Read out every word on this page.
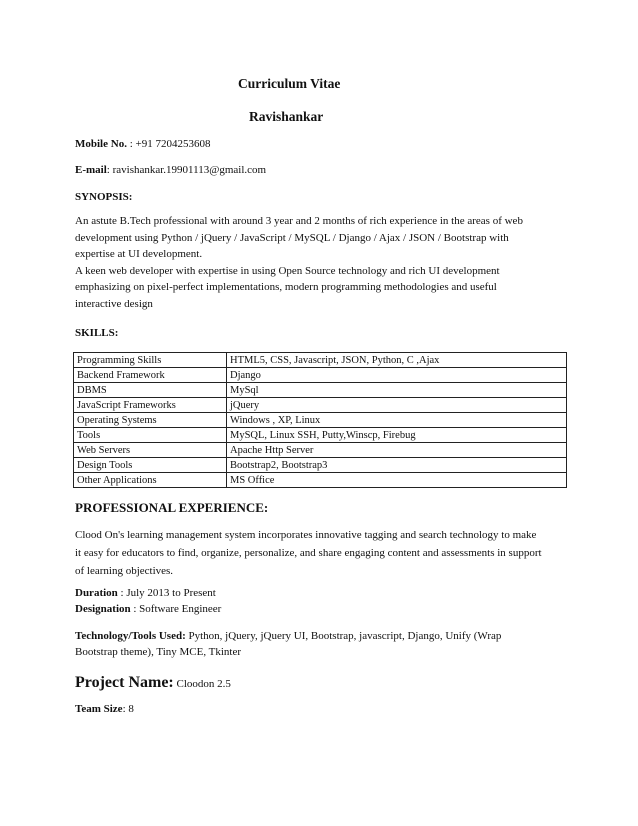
Curriculum Vitae
Ravishankar
Mobile No. : +91 7204253608
E-mail: ravishankar.19901113@gmail.com
SYNOPSIS:
An astute B.Tech professional with around 3 year and 2 months of rich experience in the areas of web
development using Python / jQuery / JavaScript / MySQL / Django / Ajax / JSON / Bootstrap with
expertise at UI development.
A keen web developer with expertise in using Open Source technology and rich UI development
emphasizing on pixel-perfect implementations, modern programming methodologies and useful
interactive design
SKILLS:
Programming Skills	HTML5, CSS, Javascript, JSON, Python, C ,Ajax
Backend Framework	Django
DBMS	MySql
JavaScript Frameworks	jQuery
Operating Systems	Windows , XP, Linux
Tools	MySQL, Linux SSH, Putty,Winscp, Firebug
Web Servers	Apache Http Server
Design Tools	Bootstrap2, Bootstrap3
Other Applications	MS Office
PROFESSIONAL EXPERIENCE:
Clood On's learning management system incorporates innovative tagging and search technology to make
it easy for educators to find, organize, personalize, and share engaging content and assessments in support
of learning objectives.
Duration : July 2013 to Present
Designation : Software Engineer
Technology/Tools Used: Python, jQuery, jQuery UI, Bootstrap, javascript, Django, Unify (Wrap
Bootstrap theme), Tiny MCE, Tkinter
Project Name: Cloodon 2.5
Team Size: 8
